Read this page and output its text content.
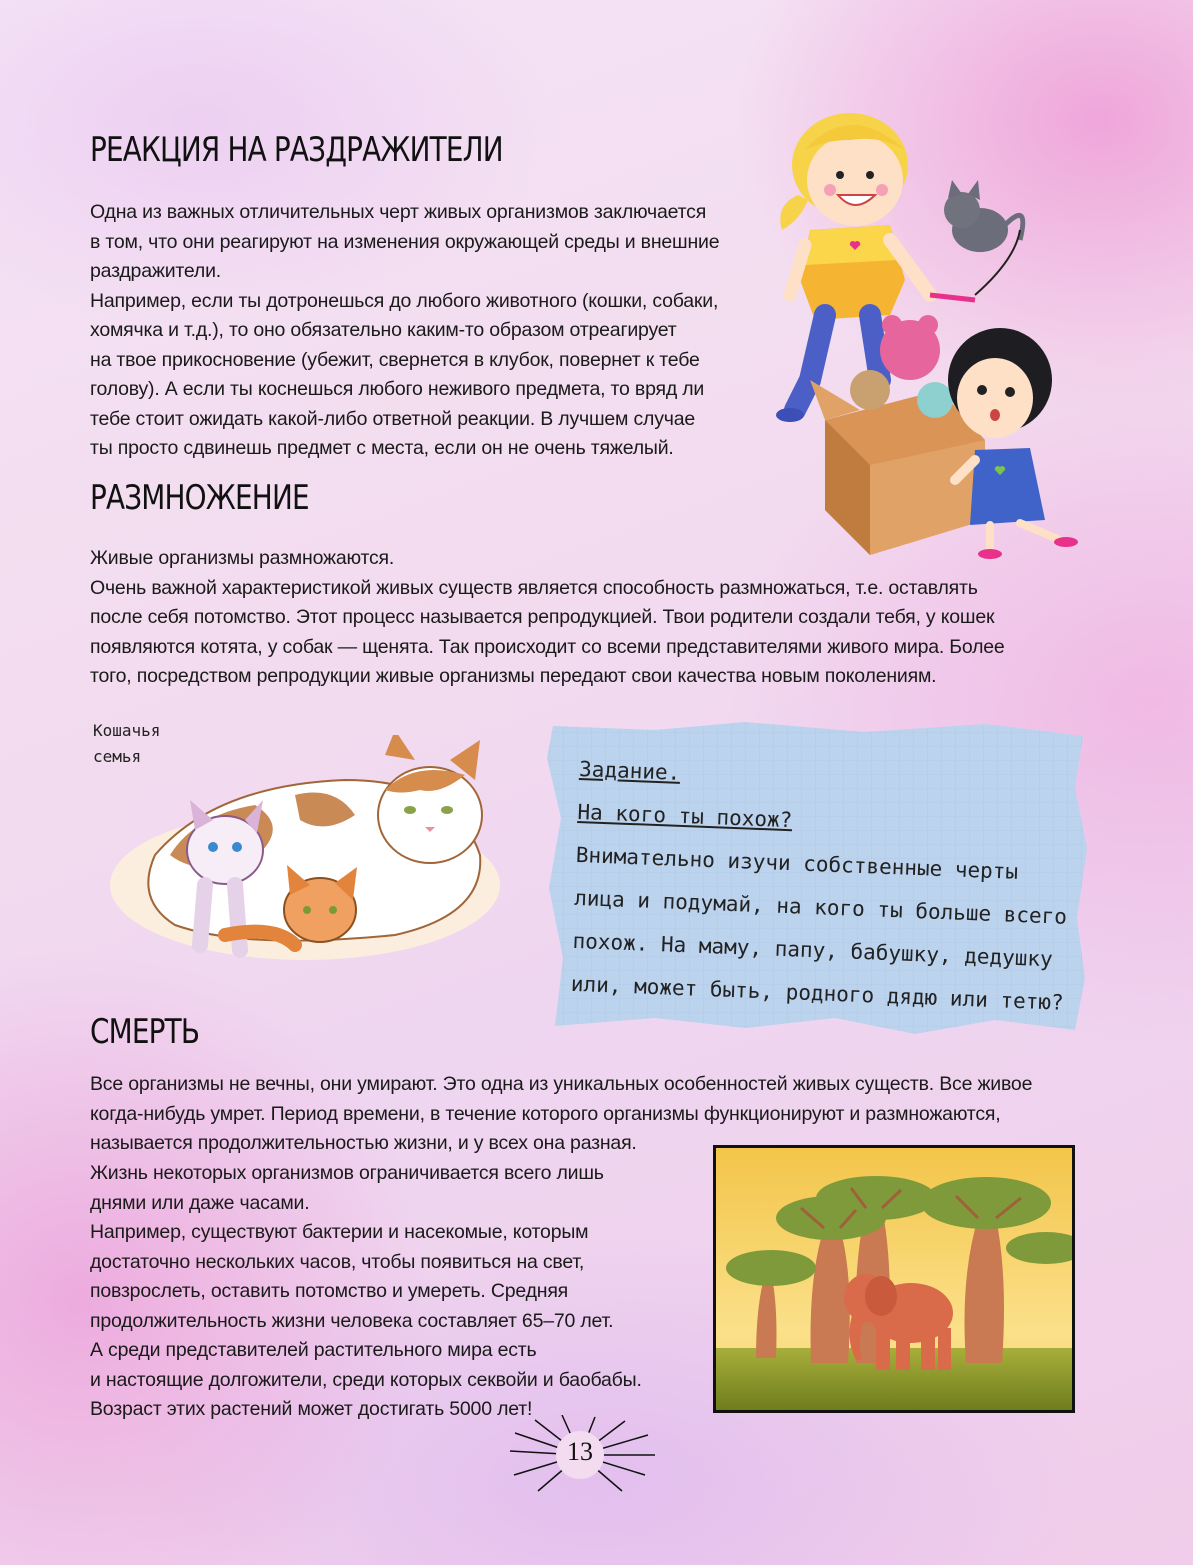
РЕАКЦИЯ НА РАЗДРАЖИТЕЛИ
Одна из важных отличительных черт живых организмов заключается
в том, что они реагируют на изменения окружающей среды и внешние
раздражители.
Например, если ты дотронешься до любого животного (кошки, собаки,
хомячка и т.д.), то оно обязательно каким-то образом отреагирует
на твое прикосновение (убежит, свернется в клубок, повернет к тебе
голову). А если ты коснешься любого неживого предмета, то вряд ли
тебе стоит ожидать какой-либо ответной реакции. В лучшем случае
ты просто сдвинешь предмет с места, если он не очень тяжелый.
РАЗМНОЖЕНИЕ
Живые организмы размножаются.
Очень важной характеристикой живых существ является способность размножаться, т.е. оставлять
после себя потомство. Этот процесс называется репродукцией. Твои родители создали тебя, у кошек
появляются котята, у собак — щенята. Так происходит со всеми представителями живого мира. Более
того, посредством репродукции живые организмы передают свои качества новым поколениям.
Кошачья
семья
Задание.
На кого ты похож?
Внимательно изучи собственные черты
лица и подумай, на кого ты больше всего
похож. На маму, папу, бабушку, дедушку
или, может быть, родного дядю или тетю?
СМЕРТЬ
Все организмы не вечны, они умирают. Это одна из уникальных особенностей живых существ. Все живое
когда-нибудь умрет. Период времени, в течение которого организмы функционируют и размножаются,
называется продолжительностью жизни, и у всех она разная.
Жизнь некоторых организмов ограничивается всего лишь
днями или даже часами.
Например, существуют бактерии и насекомые, которым
достаточно нескольких часов, чтобы появиться на свет,
повзрослеть, оставить потомство и умереть. Средняя
продолжительность жизни человека составляет 65–70 лет.
А среди представителей растительного мира есть
и настоящие долгожители, среди которых секвойи и баобабы.
Возраст этих растений может достигать 5000 лет!
13
